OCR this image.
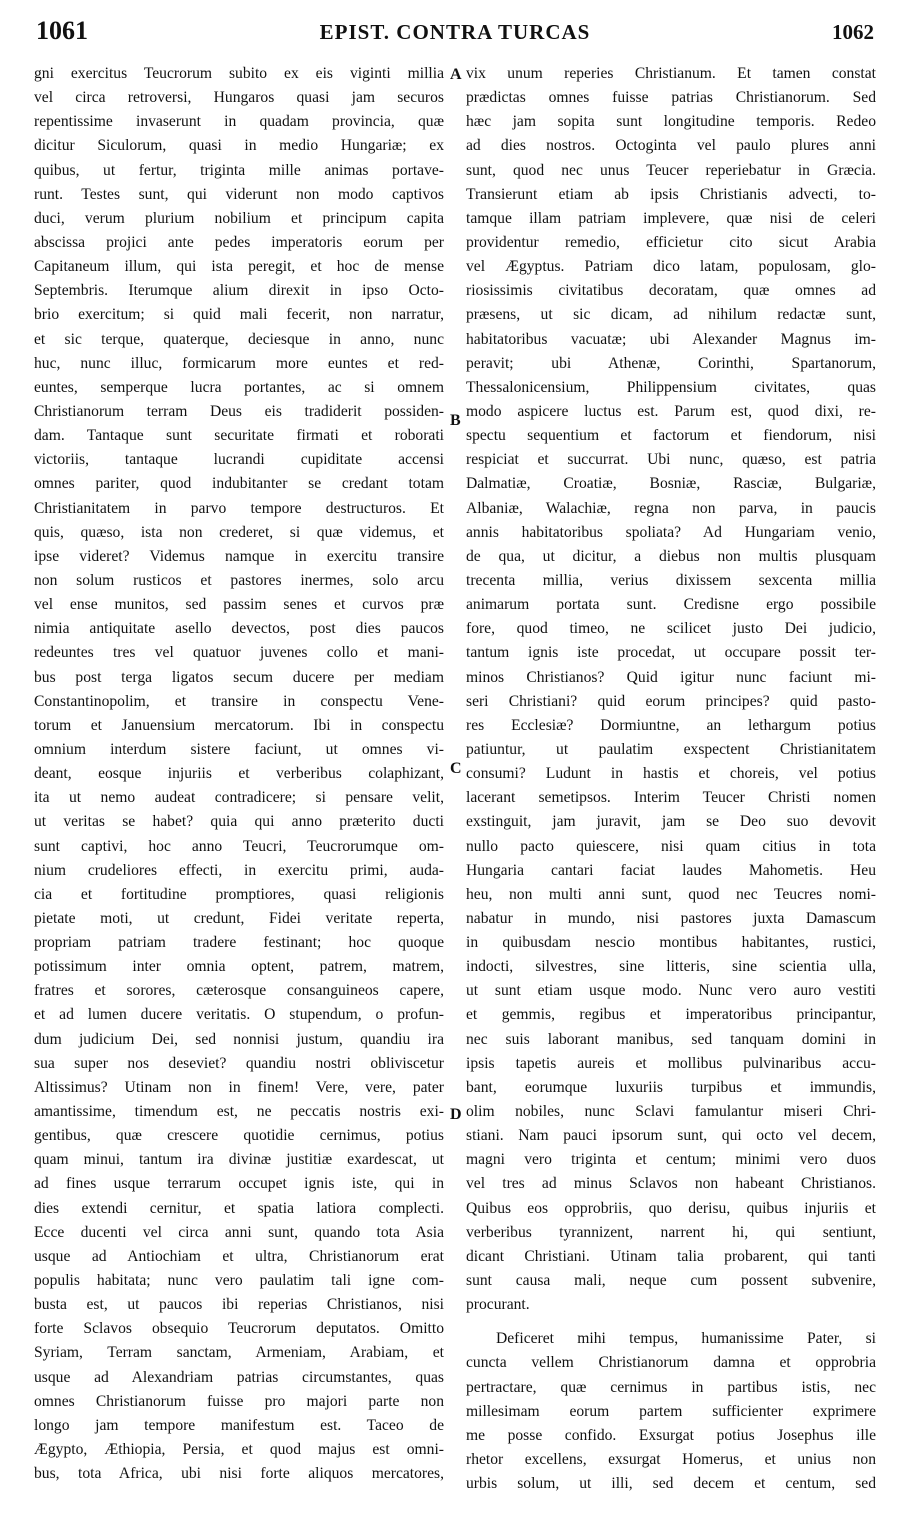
1061	EPIST. CONTRA TURCAS	1062
A
B
C
D
gni exercitus Teucrorum subito ex eis viginti millia
vel circa retroversi, Hungaros quasi jam securos
repentissime invaserunt in quadam provincia, quæ
dicitur Siculorum, quasi in medio Hungariæ; ex
quibus, ut fertur, triginta mille animas portave-
runt. Testes sunt, qui viderunt non modo captivos
duci, verum plurium nobilium et principum capita
abscissa projici ante pedes imperatoris eorum per
Capitaneum illum, qui ista peregit, et hoc de mense
Septembris. Iterumque alium direxit in ipso Octo-
brio exercitum; si quid mali fecerit, non narratur,
et sic terque, quaterque, deciesque in anno, nunc
huc, nunc illuc, formicarum more euntes et red-
euntes, semperque lucra portantes, ac si omnem
Christianorum terram Deus eis tradiderit possiden-
dam. Tantaque sunt securitate firmati et roborati
victoriis, tantaque lucrandi cupiditate accensi
omnes pariter, quod indubitanter se credant totam
Christianitatem in parvo tempore destructuros. Et
quis, quæso, ista non crederet, si quæ videmus, et
ipse videret? Videmus namque in exercitu transire
non solum rusticos et pastores inermes, solo arcu
vel ense munitos, sed passim senes et curvos præ
nimia antiquitate asello devectos, post dies paucos
redeuntes tres vel quatuor juvenes collo et mani-
bus post terga ligatos secum ducere per mediam
Constantinopolim, et transire in conspectu Vene-
torum et Januensium mercatorum. Ibi in conspectu
omnium interdum sistere faciunt, ut omnes vi-
deant, eosque injuriis et verberibus colaphizant,
ita ut nemo audeat contradicere; si pensare velit,
ut veritas se habet? quia qui anno præterito ducti
sunt captivi, hoc anno Teucri, Teucrorumque om-
nium crudeliores effecti, in exercitu primi, auda-
cia et fortitudine promptiores, quasi religionis
pietate moti, ut credunt, Fidei veritate reperta,
propriam patriam tradere festinant; hoc quoque
potissimum inter omnia optent, patrem, matrem,
fratres et sorores, cæterosque consanguineos capere,
et ad lumen ducere veritatis. O stupendum, o profun-
dum judicium Dei, sed nonnisi justum, quandiu ira
sua super nos deseviet? quandiu nostri obliviscetur
Altissimus? Utinam non in finem! Vere, vere, pater
amantissime, timendum est, ne peccatis nostris exi-
gentibus, quæ crescere quotidie cernimus, potius
quam minui, tantum ira divinæ justitiæ exardescat, ut
ad fines usque terrarum occupet ignis iste, qui in
dies extendi cernitur, et spatia latiora complecti.
Ecce ducenti vel circa anni sunt, quando tota Asia
usque ad Antiochiam et ultra, Christianorum erat
populis habitata; nunc vero paulatim tali igne com-
busta est, ut paucos ibi reperias Christianos, nisi
forte Sclavos obsequio Teucrorum deputatos. Omitto
Syriam, Terram sanctam, Armeniam, Arabiam, et
usque ad Alexandriam patrias circumstantes, quas
omnes Christianorum fuisse pro majori parte non
longo jam tempore manifestum est. Taceo de
Ægypto, Æthiopia, Persia, et quod majus est omni-
bus, tota Africa, ubi nisi forte aliquos mercatores,
vix unum reperies Christianum. Et tamen constat
prædictas omnes fuisse patrias Christianorum. Sed
hæc jam sopita sunt longitudine temporis. Redeo
ad dies nostros. Octoginta vel paulo plures anni
sunt, quod nec unus Teucer reperiebatur in Græcia.
Transierunt etiam ab ipsis Christianis advecti, to-
tamque illam patriam implevere, quæ nisi de celeri
providentur remedio, efficietur cito sicut Arabia
vel Ægyptus. Patriam dico latam, populosam, glo-
riosissimis civitatibus decoratam, quæ omnes ad
præsens, ut sic dicam, ad nihilum redactæ sunt,
habitatoribus vacuatæ; ubi Alexander Magnus im-
peravit; ubi Athenæ, Corinthi, Spartanorum,
Thessalonicensium, Philippensium civitates, quas
modo aspicere luctus est. Parum est, quod dixi, re-
spectu sequentium et factorum et fiendorum, nisi
respiciat et succurrat. Ubi nunc, quæso, est patria
Dalmatiæ, Croatiæ, Bosniæ, Rasciæ, Bulgariæ,
Albaniæ, Walachiæ, regna non parva, in paucis
annis habitatoribus spoliata? Ad Hungariam venio,
de qua, ut dicitur, a diebus non multis plusquam
trecenta millia, verius dixissem sexcenta millia
animarum portata sunt. Credisne ergo possibile
fore, quod timeo, ne scilicet justo Dei judicio,
tantum ignis iste procedat, ut occupare possit ter-
minos Christianos? Quid igitur nunc faciunt mi-
seri Christiani? quid eorum principes? quid pasto-
res Ecclesiæ? Dormiuntne, an lethargum potius
patiuntur, ut paulatim exspectent Christianitatem
consumi? Ludunt in hastis et choreis, vel potius
lacerant semetipsos. Interim Teucer Christi nomen
exstinguit, jam juravit, jam se Deo suo devovit
nullo pacto quiescere, nisi quam citius in tota
Hungaria cantari faciat laudes Mahometis. Heu
heu, non multi anni sunt, quod nec Teucres nomi-
nabatur in mundo, nisi pastores juxta Damascum
in quibusdam nescio montibus habitantes, rustici,
indocti, silvestres, sine litteris, sine scientia ulla,
ut sunt etiam usque modo. Nunc vero auro vestiti
et gemmis, regibus et imperatoribus principantur,
nec suis laborant manibus, sed tanquam domini in
ipsis tapetis aureis et mollibus pulvinaribus accu-
bant, eorumque luxuriis turpibus et immundis,
olim nobiles, nunc Sclavi famulantur miseri Chri-
stiani. Nam pauci ipsorum sunt, qui octo vel decem,
magni vero triginta et centum; minimi vero duos
vel tres ad minus Sclavos non habeant Christianos.
Quibus eos opprobriis, quo derisu, quibus injuriis et
verberibus tyrannizent, narrent hi, qui sentiunt,
dicant Christiani. Utinam talia probarent, qui tanti
sunt causa mali, neque cum possent subvenire,
procurant.
Deficeret mihi tempus, humanissime Pater, si
cuncta vellem Christianorum damna et opprobria
pertractare, quæ cernimus in partibus istis, nec
millesimam eorum partem sufficienter exprimere
me posse confido. Exsurgat potius Josephus ille
rhetor excellens, exsurgat Homerus, et unius non
urbis solum, ut illi, sed decem et centum, sed
